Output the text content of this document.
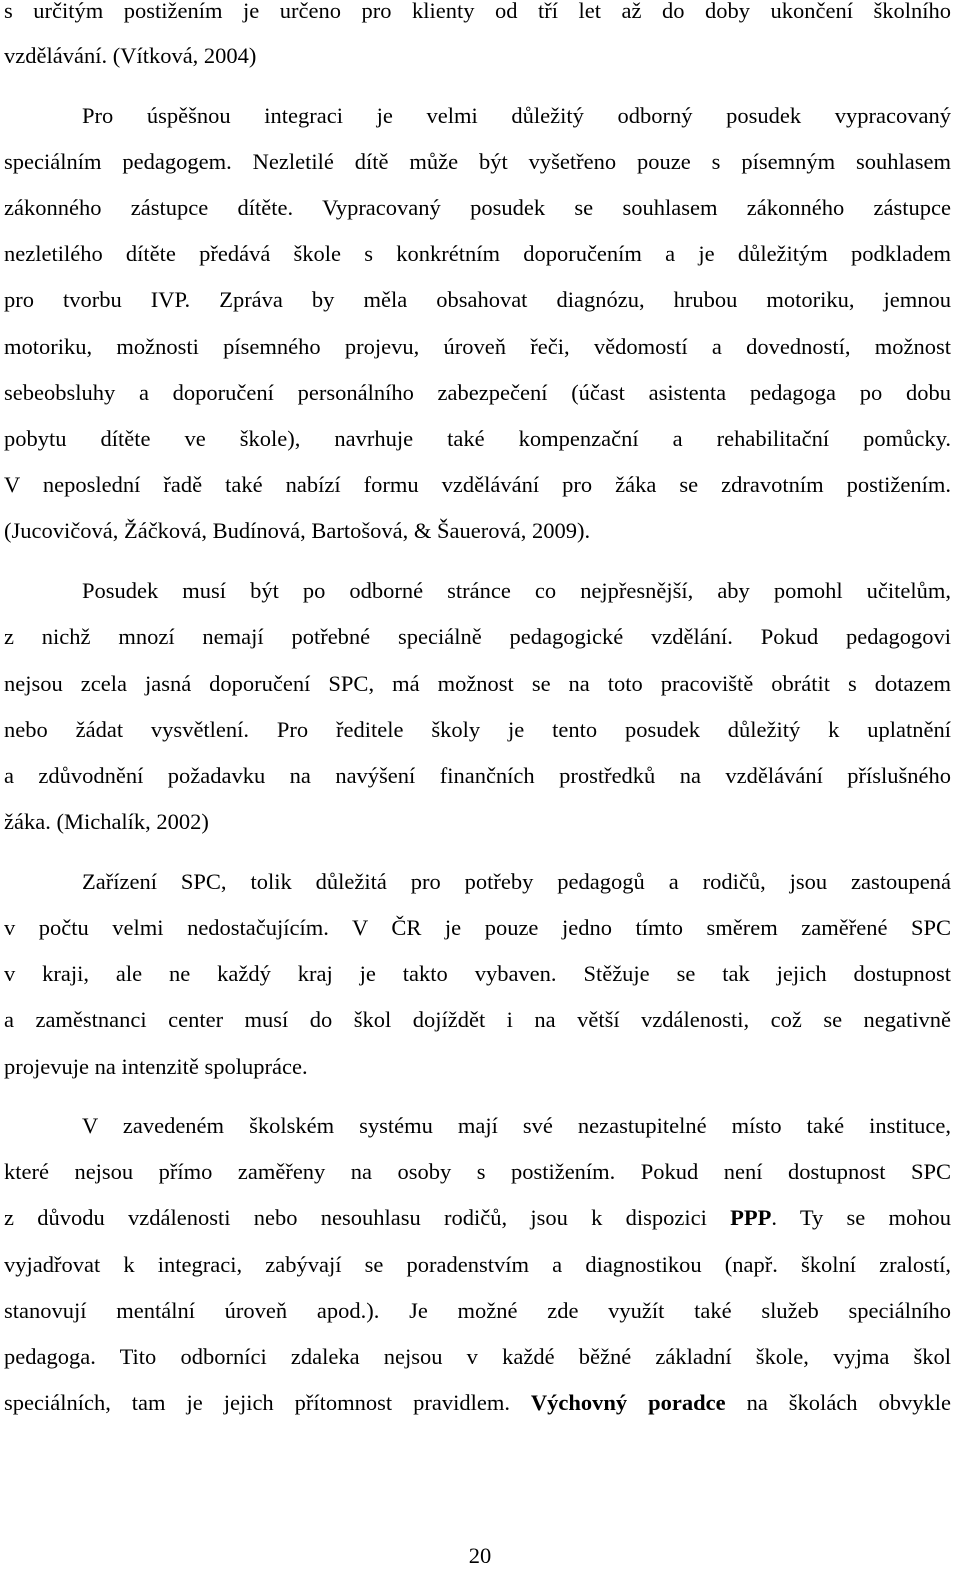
s určitým postižením je určeno pro klienty od tří let až do doby ukončení školního
vzdělávání. (Vítková, 2004)
Pro úspěšnou integraci je velmi důležitý odborný posudek vypracovaný
speciálním pedagogem. Nezletilé dítě může být vyšetřeno pouze s písemným souhlasem
zákonného zástupce dítěte. Vypracovaný posudek se souhlasem zákonného zástupce
nezletilého dítěte předává škole s konkrétním doporučením a je důležitým podkladem
pro tvorbu IVP. Zpráva by měla obsahovat diagnózu, hrubou motoriku, jemnou
motoriku, možnosti písemného projevu, úroveň řeči, vědomostí a dovedností, možnost
sebeobsluhy a doporučení personálního zabezpečení (účast asistenta pedagoga po dobu
pobytu dítěte ve škole), navrhuje také kompenzační a rehabilitační pomůcky.
V neposlední řadě také nabízí formu vzdělávání pro žáka se zdravotním postižením.
(Jucovičová, Žáčková, Budínová, Bartošová, & Šauerová, 2009).
Posudek musí být po odborné stránce co nejpřesnější, aby pomohl učitelům,
z nichž mnozí nemají potřebné speciálně pedagogické vzdělání. Pokud pedagogovi
nejsou zcela jasná doporučení SPC, má možnost se na toto pracoviště obrátit s dotazem
nebo žádat vysvětlení. Pro ředitele školy je tento posudek důležitý k uplatnění
a zdůvodnění požadavku na navýšení finančních prostředků na vzdělávání příslušného
žáka. (Michalík, 2002)
Zařízení SPC, tolik důležitá pro potřeby pedagogů a rodičů, jsou zastoupená
v počtu velmi nedostačujícím. V ČR je pouze jedno tímto směrem zaměřené SPC
v kraji, ale ne každý kraj je takto vybaven. Stěžuje se tak jejich dostupnost
a zaměstnanci center musí do škol dojíždět i na větší vzdálenosti, což se negativně
projevuje na intenzitě spolupráce.
V zavedeném školském systému mají své nezastupitelné místo také instituce,
které nejsou přímo zaměřeny na osoby s postižením. Pokud není dostupnost SPC
z důvodu vzdálenosti nebo nesouhlasu rodičů, jsou k dispozici PPP. Ty se mohou
vyjadřovat k integraci, zabývají se poradenstvím a diagnostikou (např. školní zralostí,
stanovují mentální úroveň apod.). Je možné zde využít také služeb speciálního
pedagoga. Tito odborníci zdaleka nejsou v každé běžné základní škole, vyjma škol
speciálních, tam je jejich přítomnost pravidlem. Výchovný poradce na školách obvykle
20
